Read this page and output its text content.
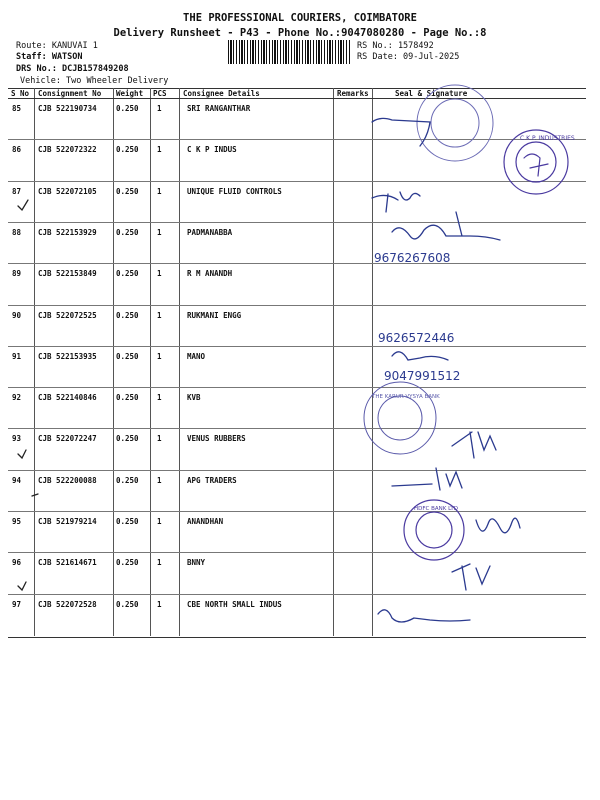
THE PROFESSIONAL COURIERS, COIMBATORE
Delivery Runsheet - P43 - Phone No.:9047080280 - Page No.:8
Route: KANUVAI 1
Staff: WATSON
DRS No.: DCJB157849208
Vehicle: Two Wheeler Delivery
RS No.: 1578492
RS Date: 09-Jul-2025
S No Consignment No Weight PCS Consignee Details	Remarks	Seal & Signature
85 CJB 522190734	0.250 1	SRI RANGANTHAR
86 CJB 522072322	0.250 1	C K P INDUS
87 CJB 522072105	0.250 1	UNIQUE FLUID CONTROLS
88 CJB 522153929	0.250 1	PADMANABBA
89 CJB 522153849	0.250 1	R M ANANDH
90 CJB 522072525	0.250 1	RUKMANI ENGG
91 CJB 522153935	0.250 1	MANO
92 CJB 522140846	0.250 1	KVB
93 CJB 522072247	0.250 1	VENUS RUBBERS
94 CJB 522200088	0.250 1	APG TRADERS
95 CJB 521979214	0.250 1	ANANDHAN
96 CJB 521614671	0.250 1	BNNY
97 CJB 522072528	0.250 1	CBE NORTH SMALL INDUS
9676267608
9626572446
9047991512
C.K.P. INDUSTRIES
THE KARUR VYSYA BANK
HDFC BANK LTD
